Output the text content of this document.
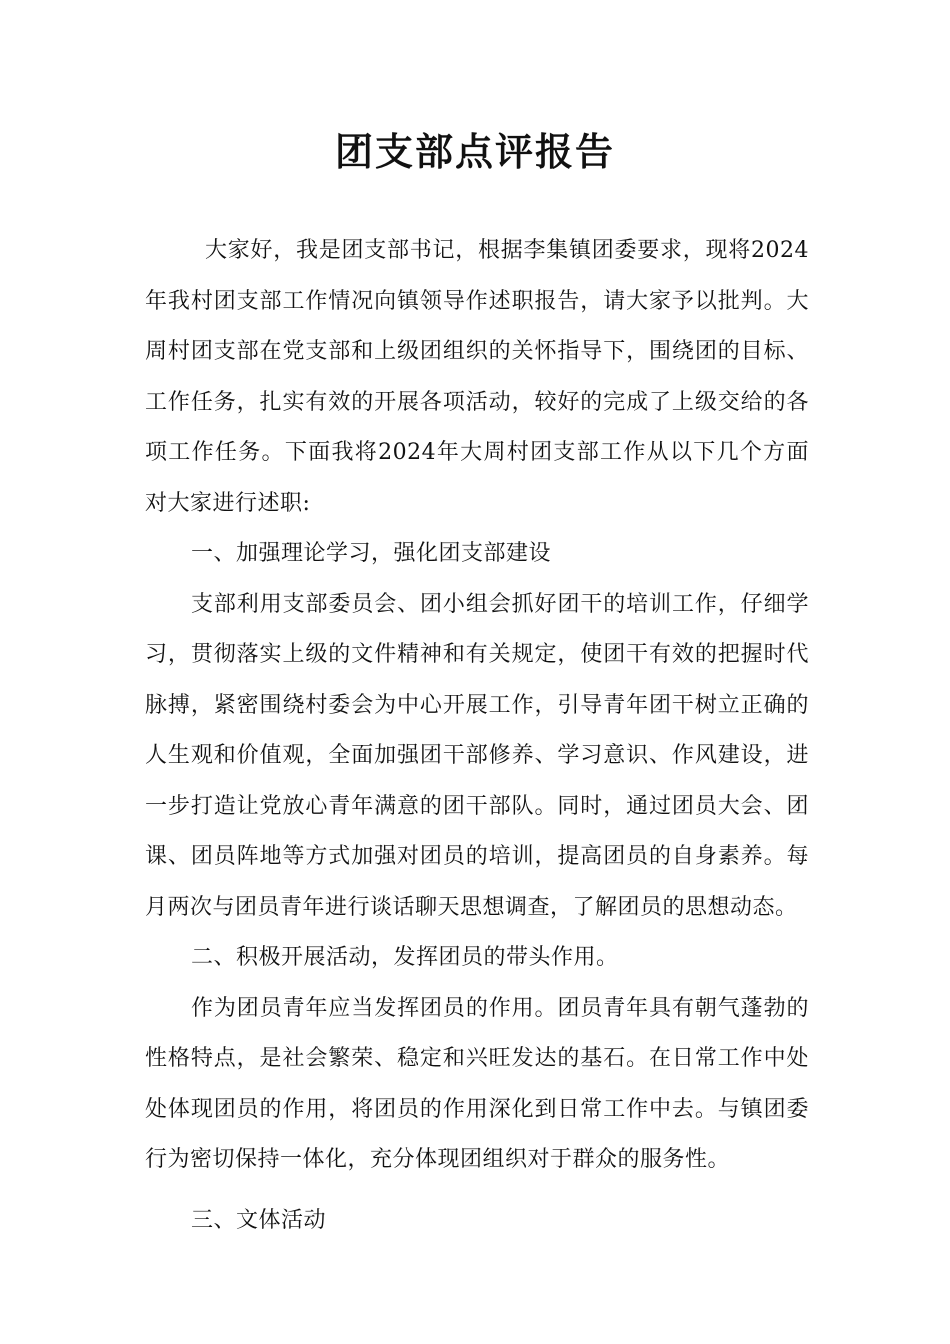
团支部点评报告

大家好，我是团支部书记，根据李集镇团委要求，现将2024年我村团支部工作情况向镇领导作述职报告，请大家予以批判。大周村团支部在党支部和上级团组织的关怀指导下，围绕团的目标、工作任务，扎实有效的开展各项活动，较好的完成了上级交给的各项工作任务。下面我将2024年大周村团支部工作从以下几个方面对大家进行述职:

一、加强理论学习，强化团支部建设

支部利用支部委员会、团小组会抓好团干的培训工作，仔细学习，贯彻落实上级的文件精神和有关规定，使团干有效的把握时代脉搏，紧密围绕村委会为中心开展工作，引导青年团干树立正确的人生观和价值观，全面加强团干部修养、学习意识、作风建设，进一步打造让党放心青年满意的团干部队。同时，通过团员大会、团课、团员阵地等方式加强对团员的培训，提高团员的自身素养。每月两次与团员青年进行谈话聊天思想调查，了解团员的思想动态。

二、积极开展活动，发挥团员的带头作用。

作为团员青年应当发挥团员的作用。团员青年具有朝气蓬勃的性格特点，是社会繁荣、稳定和兴旺发达的基石。在日常工作中处处体现团员的作用，将团员的作用深化到日常工作中去。与镇团委行为密切保持一体化，充分体现团组织对于群众的服务性。

三、文体活动
